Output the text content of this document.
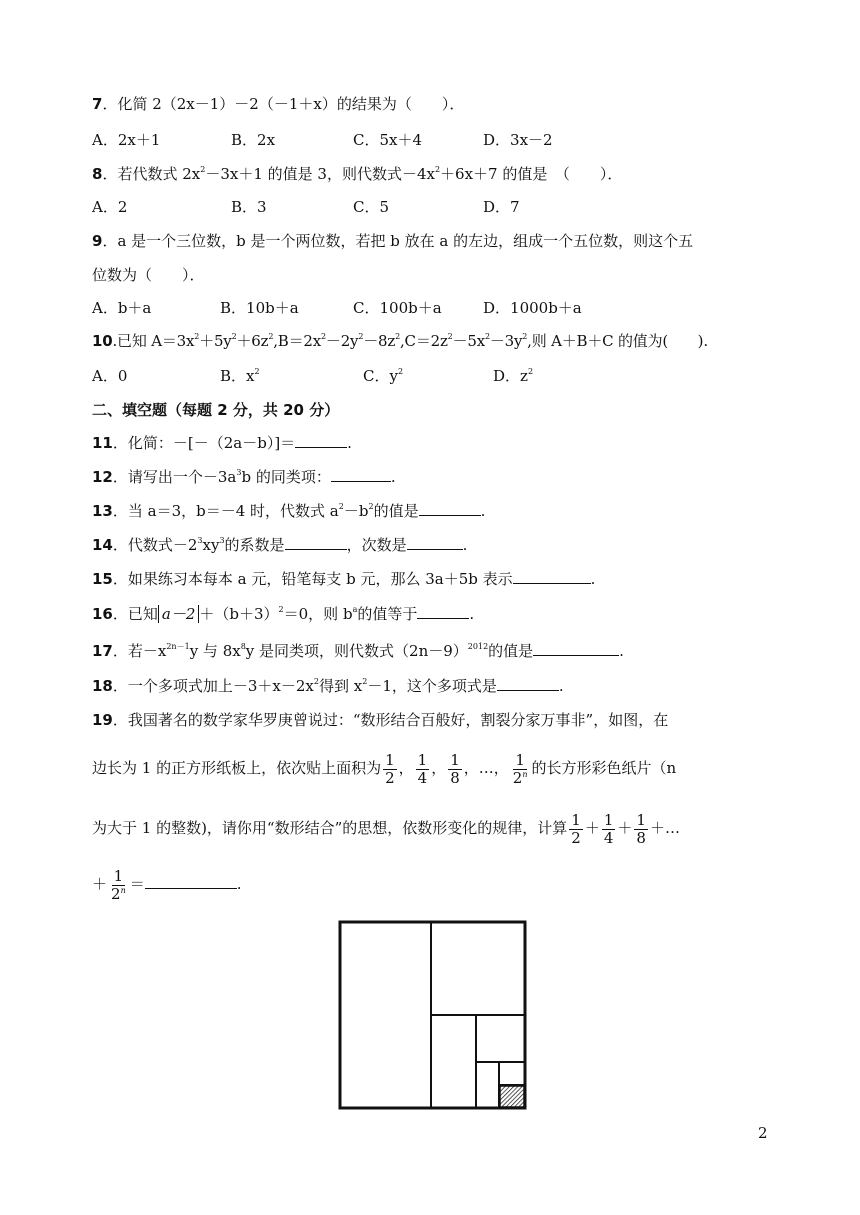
7．化简 2（2x－1）－2（－1＋x）的结果为（　　）．
A．2x＋1	B．2x	C．5x＋4	D．3x－2
8．若代数式 $2x^2-3x+1$ 的值是 3，则代数式$-4x^2+6x+7$ 的值是　（　　）．
A．2	B．3	C．5	D．7
9．a 是一个三位数，b 是一个两位数，若把 b 放在 a 的左边，组成一个五位数，则这个五
位数为（　　）．
A．b＋a	B．10b＋a	C．100b＋a	D．1000b＋a
10.已知 $A=3x^2+5y^2+6z^2,B=2x^2-2y^2-8z^2,C=2z^2-5x^2-3y^2$,则 A＋B＋C 的值为(　　).
A．0	B．$x^2$	C．$y^2$	D．$z^2$
二、填空题（每题 2 分，共 20 分）
11．化简：－[－（2a－b）]＝	.
12．请写出一个$-3a^3b$ 的同类项：	.
13．当 a＝3，b＝－4 时，代数式 $a^2-b^2$的值是	.
14．代数式$-2^3xy^3$的系数是	，次数是	.
15．如果练习本每本 a 元，铅笔每支 b 元，那么 3a＋5b 表示	.
16．已知 $a-2 +(b+3)^2=0$，则 $b^a$的值等于	.
17．若$-x^{2n-1}y$ 与 $8x^8y$ 是同类项，则代数式$(2n-9)^{2012}$的值是	.
18．一个多项式加上$-3+x-2x^2$得到 $x^2-1$，这个多项式是	.
19．我国著名的数学家华罗庚曾说过：“数形结合百般好，割裂分家万事非”，如图，在
边长为 1 的正方形纸板上，依次贴上面积为 $\frac{1}{2}$ ， $\frac{1}{4}$ ， $\frac{1}{8}$ ，…， $\frac{1}{2^n}$ 的长方形彩色纸片（n
为大于 1 的整数)，请你用“数形结合”的思想，依数形变化的规律，计算 $\frac{1}{2} + \frac{1}{4} + \frac{1}{8}$ ＋…
＋ $\frac{1}{2^n}$ ＝	.
2
